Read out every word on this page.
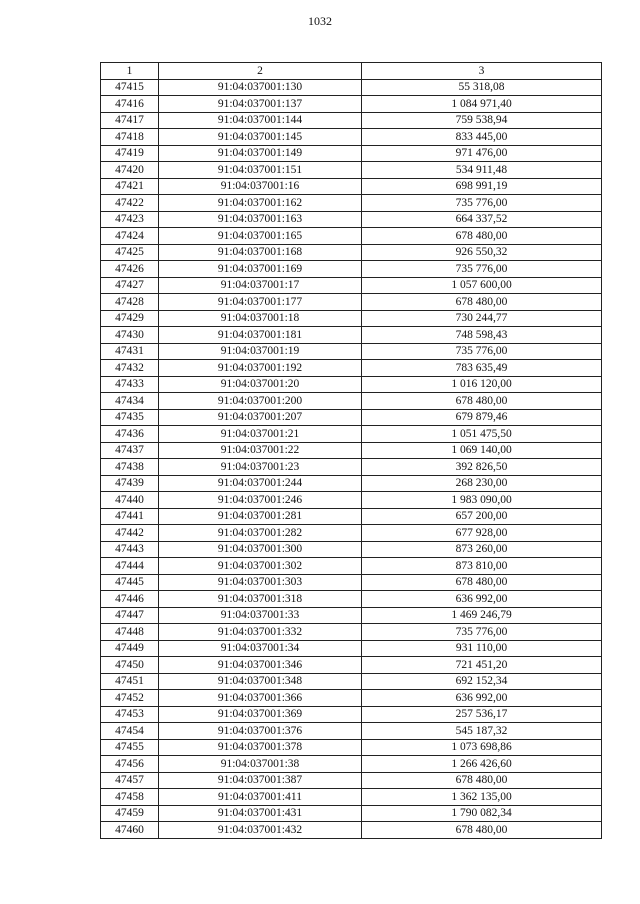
1032
1	2	3
47415	91:04:037001:130	55 318,08
47416	91:04:037001:137	1 084 971,40
47417	91:04:037001:144	759 538,94
47418	91:04:037001:145	833 445,00
47419	91:04:037001:149	971 476,00
47420	91:04:037001:151	534 911,48
47421	91:04:037001:16	698 991,19
47422	91:04:037001:162	735 776,00
47423	91:04:037001:163	664 337,52
47424	91:04:037001:165	678 480,00
47425	91:04:037001:168	926 550,32
47426	91:04:037001:169	735 776,00
47427	91:04:037001:17	1 057 600,00
47428	91:04:037001:177	678 480,00
47429	91:04:037001:18	730 244,77
47430	91:04:037001:181	748 598,43
47431	91:04:037001:19	735 776,00
47432	91:04:037001:192	783 635,49
47433	91:04:037001:20	1 016 120,00
47434	91:04:037001:200	678 480,00
47435	91:04:037001:207	679 879,46
47436	91:04:037001:21	1 051 475,50
47437	91:04:037001:22	1 069 140,00
47438	91:04:037001:23	392 826,50
47439	91:04:037001:244	268 230,00
47440	91:04:037001:246	1 983 090,00
47441	91:04:037001:281	657 200,00
47442	91:04:037001:282	677 928,00
47443	91:04:037001:300	873 260,00
47444	91:04:037001:302	873 810,00
47445	91:04:037001:303	678 480,00
47446	91:04:037001:318	636 992,00
47447	91:04:037001:33	1 469 246,79
47448	91:04:037001:332	735 776,00
47449	91:04:037001:34	931 110,00
47450	91:04:037001:346	721 451,20
47451	91:04:037001:348	692 152,34
47452	91:04:037001:366	636 992,00
47453	91:04:037001:369	257 536,17
47454	91:04:037001:376	545 187,32
47455	91:04:037001:378	1 073 698,86
47456	91:04:037001:38	1 266 426,60
47457	91:04:037001:387	678 480,00
47458	91:04:037001:411	1 362 135,00
47459	91:04:037001:431	1 790 082,34
47460	91:04:037001:432	678 480,00
